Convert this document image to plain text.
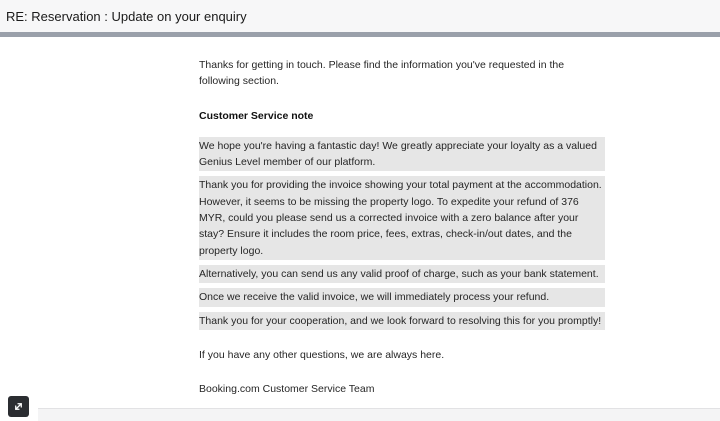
RE: Reservation : Update on your enquiry

Thanks for getting in touch. Please find the information you've requested in the following section.

Customer Service note

We hope you're having a fantastic day! We greatly appreciate your loyalty as a valued Genius Level member of our platform.
Thank you for providing the invoice showing your total payment at the accommodation. However, it seems to be missing the property logo. To expedite your refund of 376 MYR, could you please send us a corrected invoice with a zero balance after your stay? Ensure it includes the room price, fees, extras, check-in/out dates, and the property logo.
Alternatively, you can send us any valid proof of charge, such as your bank statement.
Once we receive the valid invoice, we will immediately process your refund.
Thank you for your cooperation, and we look forward to resolving this for you promptly!

If you have any other questions, we are always here.

Booking.com Customer Service Team
